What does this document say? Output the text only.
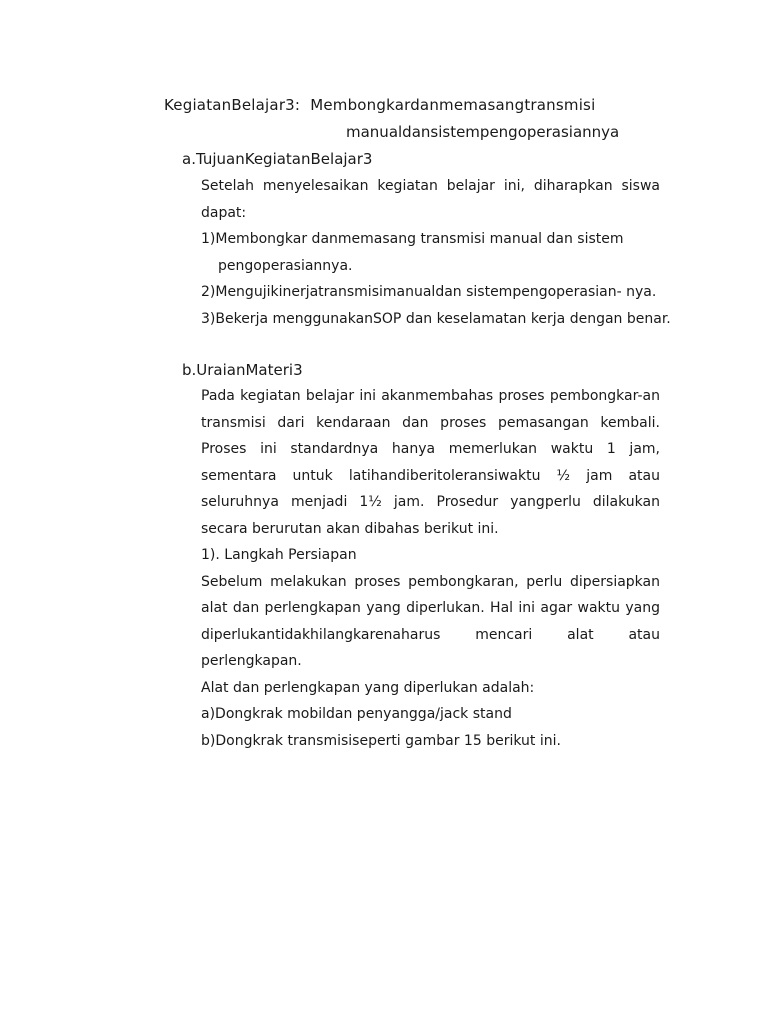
KegiatanBelajar3: Membongkardanmemasangtransmisi
manualdansistempengoperasiannya
a.TujuanKegiatanBelajar3

Setelah menyelesaikan kegiatan belajar ini, diharapkan siswa dapat:

1)Membongkar danmemasang transmisi manual dan sistem

pengoperasiannya.

2)Mengujikinerjatransmisimanualdan sistempengoperasian- nya.

3)Bekerja menggunakanSOP dan keselamatan kerja dengan benar.

b.UraianMateri3

Pada kegiatan belajar ini akanmembahas proses pembongkar-an transmisi dari kendaraan dan proses pemasangan kembali. Proses ini standardnya hanya memerlukan waktu 1 jam, sementara untuk latihandiberitoleransiwaktu ½ jam atau seluruhnya menjadi 1½ jam. Prosedur yangperlu dilakukan secara berurutan akan dibahas berikut ini.

1). Langkah Persiapan

Sebelum melakukan proses pembongkaran, perlu dipersiapkan alat dan perlengkapan yang diperlukan. Hal ini agar waktu yang diperlukantidakhilangkarenaharus mencari alat atau perlengkapan.

Alat dan perlengkapan yang diperlukan adalah:

a)Dongkrak mobildan penyangga/jack stand

b)Dongkrak transmisiseperti gambar 15 berikut ini.
